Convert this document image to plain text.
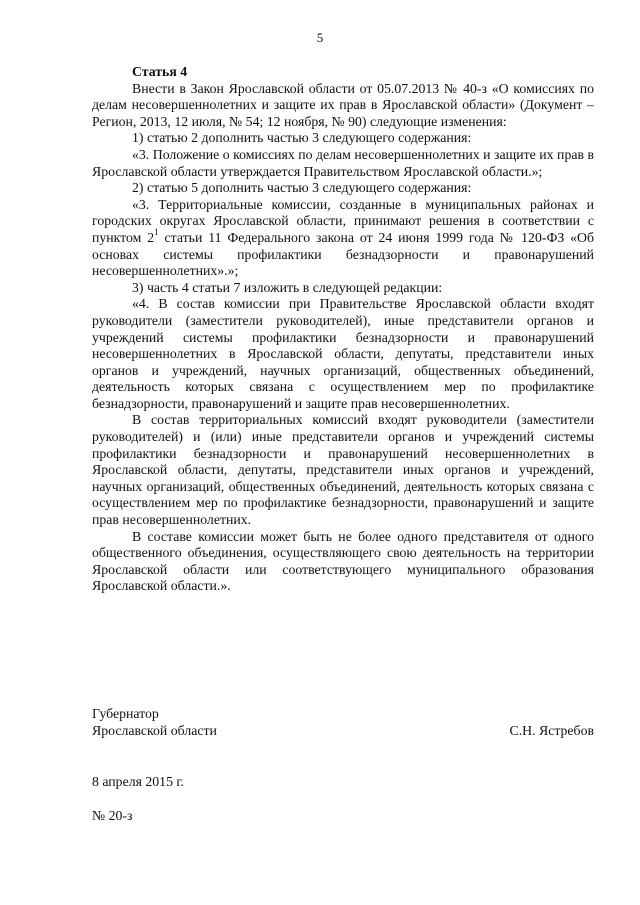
5

Статья 4

Внести в Закон Ярославской области от 05.07.2013 № 40-з «О комиссиях по делам несовершеннолетних и защите их прав в Ярославской области» (Документ – Регион, 2013, 12 июля, № 54; 12 ноября, № 90) следующие изменения:

1) статью 2 дополнить частью 3 следующего содержания:

«3. Положение о комиссиях по делам несовершеннолетних и защите их прав в Ярославской области утверждается Правительством Ярославской области.»;

2) статью 5 дополнить частью 3 следующего содержания:

«3. Территориальные комиссии, созданные в муниципальных районах и городских округах Ярославской области, принимают решения в соответствии с пунктом $2^1$ статьи 11 Федерального закона от 24 июня 1999 года № 120-ФЗ «Об основах системы профилактики безнадзорности и правонарушений несовершеннолетних».»;

3) часть 4 статьи 7 изложить в следующей редакции:

«4. В состав комиссии при Правительстве Ярославской области входят руководители (заместители руководителей), иные представители органов и учреждений системы профилактики безнадзорности и правонарушений несовершеннолетних в Ярославской области, депутаты, представители иных органов и учреждений, научных организаций, общественных объединений, деятельность которых связана с осуществлением мер по профилактике безнадзорности, правонарушений и защите прав несовершеннолетних.

В состав территориальных комиссий входят руководители (заместители руководителей) и (или) иные представители органов и учреждений системы профилактики безнадзорности и правонарушений несовершеннолетних в Ярославской области, депутаты, представители иных органов и учреждений, научных организаций, общественных объединений, деятельность которых связана с осуществлением мер по профилактике безнадзорности, правонарушений и защите прав несовершеннолетних.

В составе комиссии может быть не более одного представителя от одного общественного объединения, осуществляющего свою деятельность на территории Ярославской области или соответствующего муниципального образования Ярославской области.».

Губернатор
Ярославской области	С.Н. Ястребов
8 апреля 2015 г.
№ 20-з
